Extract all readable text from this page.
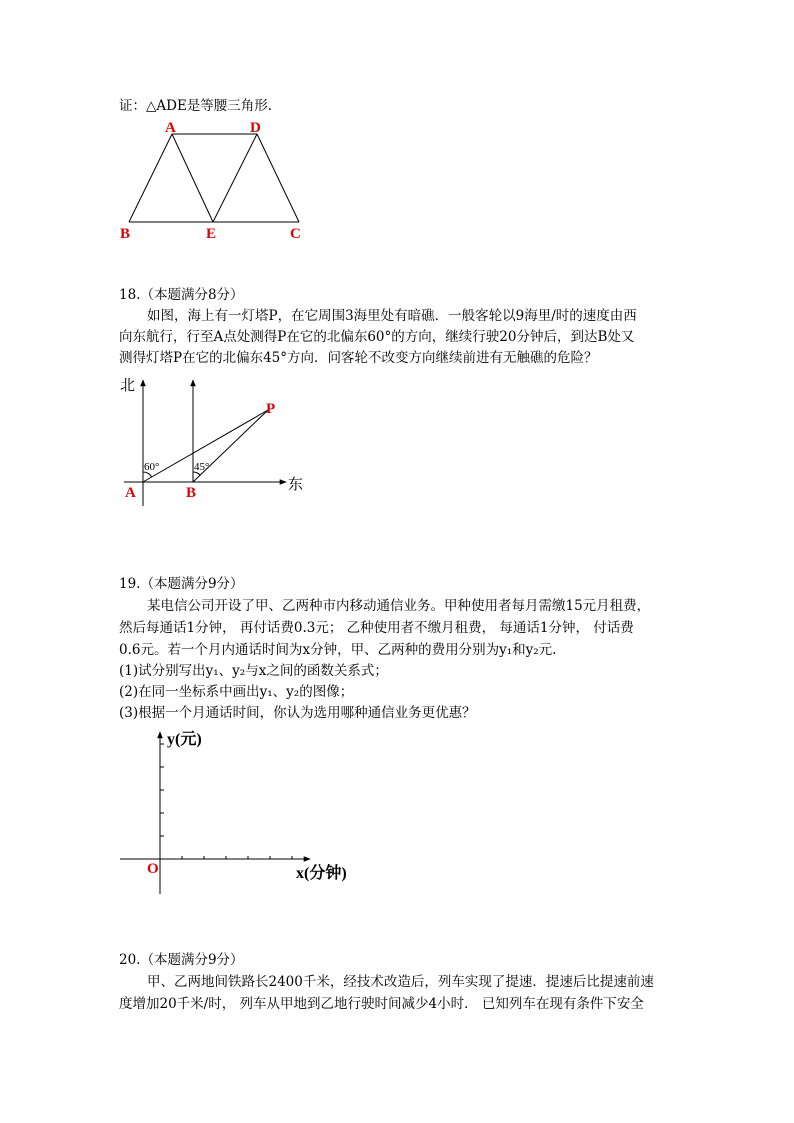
证：△ADE是等腰三角形.
A	D
B	E	C
18.（本题满分8分）
如图，海上有一灯塔P，在它周围3海里处有暗礁．一般客轮以9海里/时的速度由西
向东航行，行至A点处测得P在它的北偏东60°的方向，继续行驶20分钟后，到达B处又
测得灯塔P在它的北偏东45°方向．问客轮不改变方向继续前进有无触礁的危险？
北
东
P
A	B
60°	45°
19.（本题满分9分）
某电信公司开设了甲、乙两种市内移动通信业务。甲种使用者每月需缴15元月租费，
然后每通话1分钟， 再付话费0.3元； 乙种使用者不缴月租费， 每通话1分钟， 付话费
0.6元。若一个月内通话时间为x分钟，甲、乙两种的费用分别为y₁和y₂元.
(1)试分别写出y₁、y₂与x之间的函数关系式；
(2)在同一坐标系中画出y₁、y₂的图像；
(3)根据一个月通话时间，你认为选用哪种通信业务更优惠？
y(元)
x(分钟)
O
20.（本题满分9分）
甲、乙两地间铁路长2400千米，经技术改造后，列车实现了提速．提速后比提速前速
度增加20千米/时， 列车从甲地到乙地行驶时间减少4小时． 已知列车在现有条件下安全
